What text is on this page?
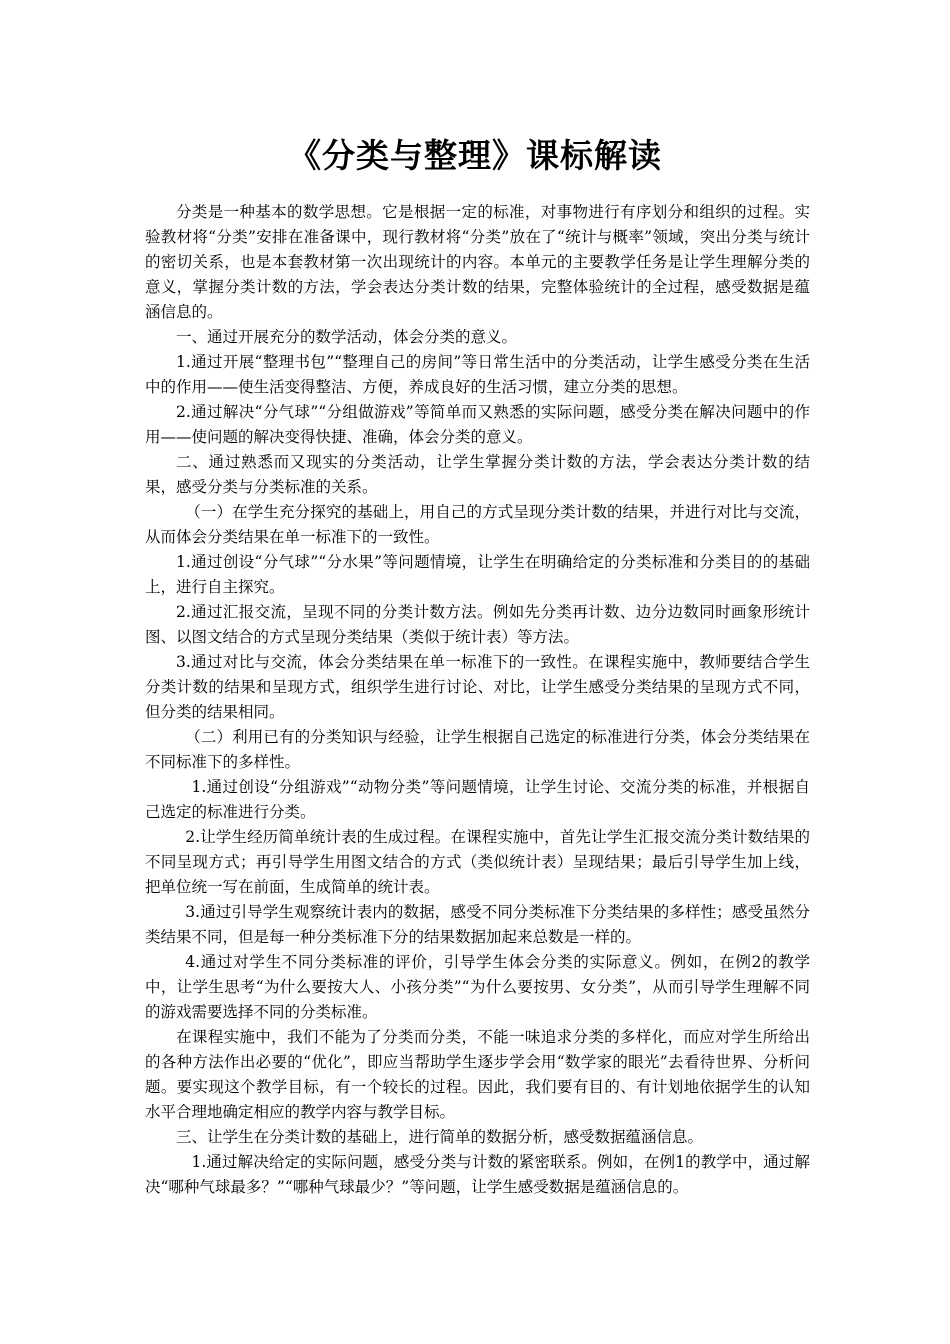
《分类与整理》课标解读

分类是一种基本的数学思想。它是根据一定的标准，对事物进行有序划分和组织的过程。实验教材将“分类”安排在准备课中，现行教材将“分类”放在了“统计与概率”领域，突出分类与统计的密切关系，也是本套教材第一次出现统计的内容。本单元的主要教学任务是让学生理解分类的意义，掌握分类计数的方法，学会表达分类计数的结果，完整体验统计的全过程，感受数据是蕴涵信息的。

一、通过开展充分的数学活动，体会分类的意义。

1.通过开展“整理书包”“整理自己的房间”等日常生活中的分类活动，让学生感受分类在生活中的作用——使生活变得整洁、方便，养成良好的生活习惯，建立分类的思想。

2.通过解决“分气球”“分组做游戏”等简单而又熟悉的实际问题，感受分类在解决问题中的作用——使问题的解决变得快捷、准确，体会分类的意义。

二、通过熟悉而又现实的分类活动，让学生掌握分类计数的方法，学会表达分类计数的结果，感受分类与分类标准的关系。

（一）在学生充分探究的基础上，用自己的方式呈现分类计数的结果，并进行对比与交流，从而体会分类结果在单一标准下的一致性。

1.通过创设“分气球”“分水果”等问题情境，让学生在明确给定的分类标准和分类目的的基础上，进行自主探究。

2.通过汇报交流，呈现不同的分类计数方法。例如先分类再计数、边分边数同时画象形统计图、以图文结合的方式呈现分类结果（类似于统计表）等方法。

3.通过对比与交流，体会分类结果在单一标准下的一致性。在课程实施中，教师要结合学生分类计数的结果和呈现方式，组织学生进行讨论、对比，让学生感受分类结果的呈现方式不同，但分类的结果相同。

（二）利用已有的分类知识与经验，让学生根据自己选定的标准进行分类，体会分类结果在不同标准下的多样性。

1.通过创设“分组游戏”“动物分类”等问题情境，让学生讨论、交流分类的标准，并根据自己选定的标准进行分类。

2.让学生经历简单统计表的生成过程。在课程实施中，首先让学生汇报交流分类计数结果的不同呈现方式；再引导学生用图文结合的方式（类似统计表）呈现结果；最后引导学生加上线，把单位统一写在前面，生成简单的统计表。

3.通过引导学生观察统计表内的数据，感受不同分类标准下分类结果的多样性；感受虽然分类结果不同，但是每一种分类标准下分的结果数据加起来总数是一样的。

4.通过对学生不同分类标准的评价，引导学生体会分类的实际意义。例如，在例2的教学中，让学生思考“为什么要按大人、小孩分类”“为什么要按男、女分类”，从而引导学生理解不同的游戏需要选择不同的分类标准。

在课程实施中，我们不能为了分类而分类，不能一味追求分类的多样化，而应对学生所给出的各种方法作出必要的“优化”，即应当帮助学生逐步学会用“数学家的眼光”去看待世界、分析问题。要实现这个教学目标，有一个较长的过程。因此，我们要有目的、有计划地依据学生的认知水平合理地确定相应的教学内容与教学目标。

三、让学生在分类计数的基础上，进行简单的数据分析，感受数据蕴涵信息。

1.通过解决给定的实际问题，感受分类与计数的紧密联系。例如，在例1的教学中，通过解决“哪种气球最多？”“哪种气球最少？”等问题，让学生感受数据是蕴涵信息的。
